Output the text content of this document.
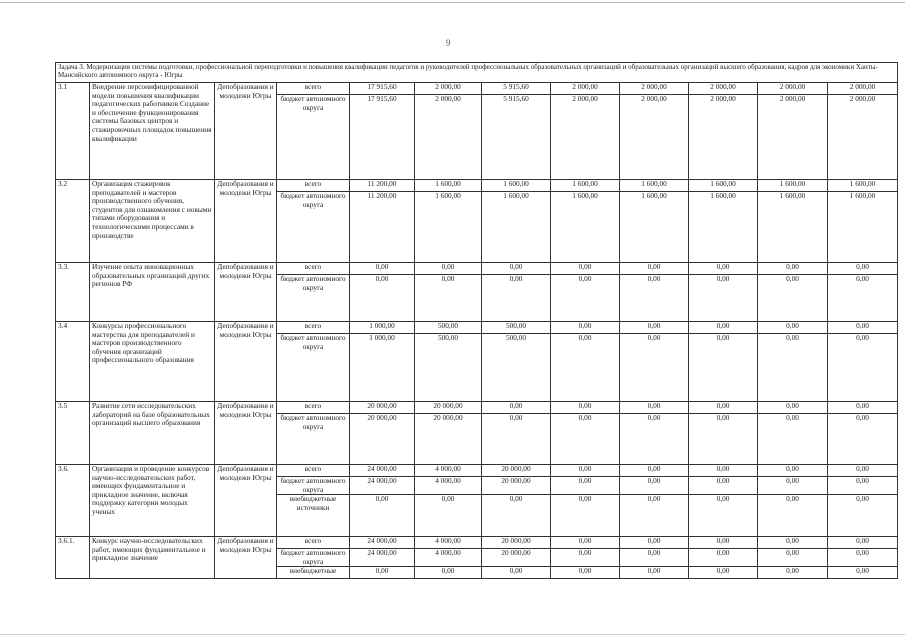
9
Задача 3. Модернизация системы подготовки, профессиональной переподготовки и повышения квалификации педагогов и руководителей профессиональных образовательных организаций и образовательных организаций высшего образования, кадров для экономики Ханты-Мансийского автономного округа - Югры											
3.1	Внедрение персонифицированной модели повышения квалификации педагогических работников Создание и обеспечение функционирования системы базовых центров и стажировочных площадок повышения квалификации	Депобразования и молодежи Югры	всего	17 915,60	2 000,00	5 915,60	2 000,00	2 000,00	2 000,00	2 000,00	2 000,00
			бюджет автономного округа	17 915,60	2 000,00	5 915,60	2 000,00	2 000,00	2 000,00	2 000,00	2 000,00
3.2	Организация стажировок преподавателей и мастеров производственного обучения, студентов для ознакомления с новыми типами оборудования и технологическими процессами в производстве	Депобразования и молодежи Югры	всего	11 200,00	1 600,00	1 600,00	1 600,00	1 600,00	1 600,00	1 600,00	1 600,00
			бюджет автономного округа	11 200,00	1 600,00	1 600,00	1 600,00	1 600,00	1 600,00	1 600,00	1 600,00
3.3.	Изучение опыта инновационных образовательных организаций других регионов РФ	Депобразования и молодежи Югры	всего	0,00	0,00	0,00	0,00	0,00	0,00	0,00	0,00
			бюджет автономного округа	0,00	0,00	0,00	0,00	0,00	0,00	0,00	0,00
3.4	Конкурсы профессионального мастерства для преподавателей и мастеров производственного обучения организаций профессионального образования	Депобразования и молодежи Югры	всего	1 000,00	500,00	500,00	0,00	0,00	0,00	0,00	0,00
			бюджет автономного округа	1 000,00	500,00	500,00	0,00	0,00	0,00	0,00	0,00
3.5	Развитие сети исследовательских лабораторий на базе образовательных организаций высшего образования	Депобразования и молодежи Югры	всего	20 000,00	20 000,00	0,00	0,00	0,00	0,00	0,00	0,00
			бюджет автономного округа	20 000,00	20 000,00	0,00	0,00	0,00	0,00	0,00	0,00
3.6.	Организация и проведение конкурсов научно-исследовательских работ, имеющих фундаментальное и прикладное значение, включая поддержку категории молодых ученых	Депобразования и молодежи Югры	всего	24 000,00	4 000,00	20 000,00	0,00	0,00	0,00	0,00	0,00
			бюджет автономного округа	24 000,00	4 000,00	20 000,00	0,00	0,00	0,00	0,00	0,00
			внебюджетные источники	0,00	0,00	0,00	0,00	0,00	0,00	0,00	0,00
3.6.1.	Конкурс научно-исследовательских работ, имеющих фундаментальное и прикладное значение	Депобразования и молодежи Югры	всего	24 000,00	4 000,00	20 000,00	0,00	0,00	0,00	0,00	0,00
			бюджет автономного округа	24 000,00	4 000,00	20 000,00	0,00	0,00	0,00	0,00	0,00
			внебюджетные	0,00	0,00	0,00	0,00	0,00	0,00	0,00	0,00
